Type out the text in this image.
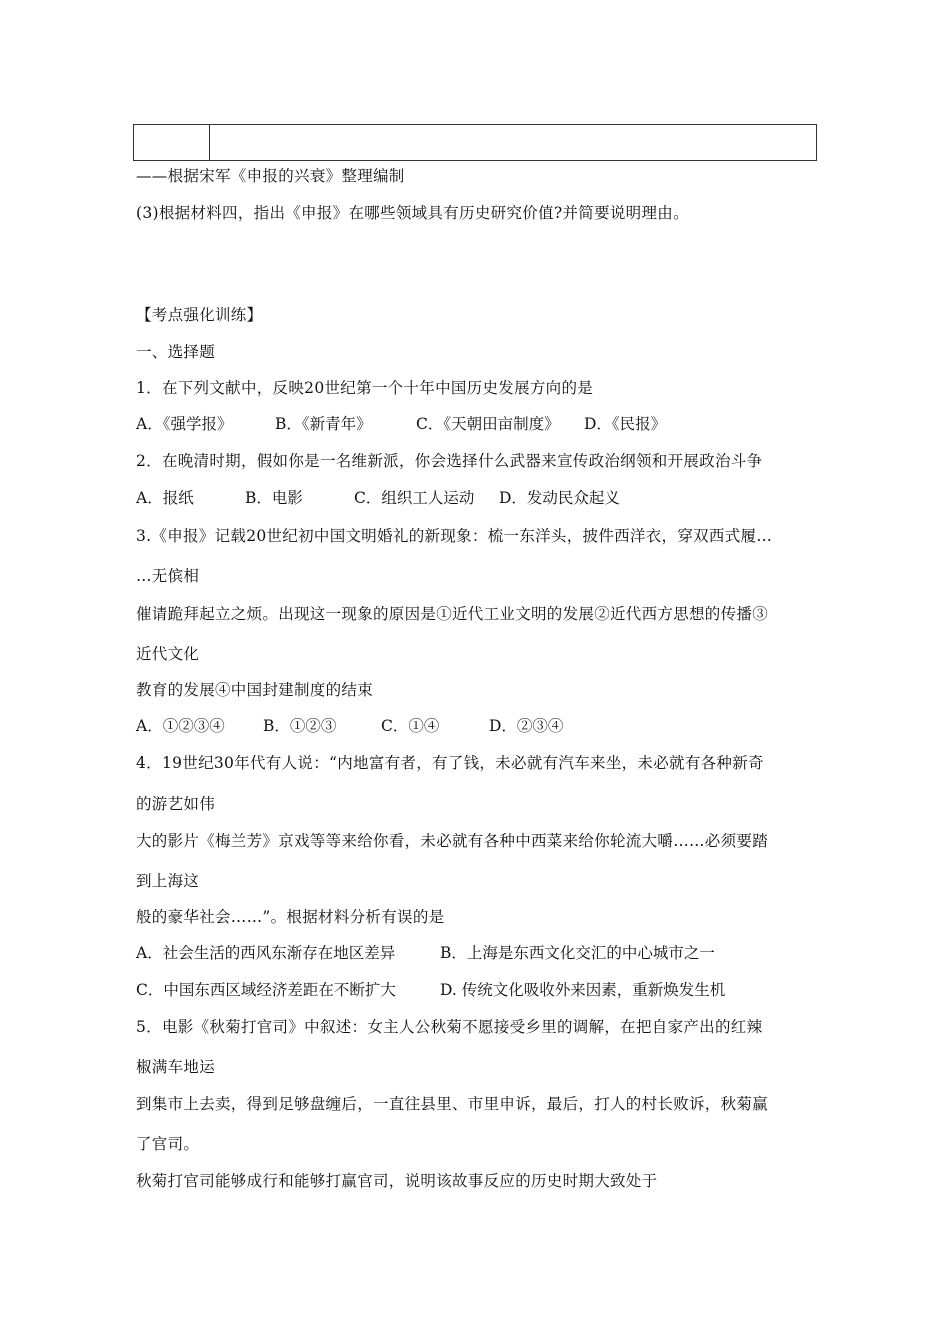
——根据宋军《申报的兴衰》整理编制
(3)根据材料四，指出《申报》在哪些领域具有历史研究价值?并简要说明理由。
【考点强化训练】
一、选择题
1．在下列文献中，反映20世纪第一个十年中国历史发展方向的是
A．《强学报》	B．《新青年》	C．《天朝田亩制度》 D．《民报》
2．在晚清时期，假如你是一名维新派，你会选择什么武器来宣传政治纲领和开展政治斗争
A．报纸	B．电影	C．组织工人运动 D．发动民众起义
3.《申报》记载20世纪初中国文明婚礼的新现象：梳一东洋头，披件西洋衣，穿双西式履…
…无傧相
催请跪拜起立之烦。出现这一现象的原因是①近代工业文明的发展②近代西方思想的传播③
近代文化
教育的发展④中国封建制度的结束
A．①②③④ B．①②③	C．①④	D．②③④
4．19世纪30年代有人说：“内地富有者，有了钱，未必就有汽车来坐，未必就有各种新奇
的游艺如伟
大的影片《梅兰芳》京戏等等来给你看，未必就有各种中西菜来给你轮流大嚼……必须要踏
到上海这
般的豪华社会……”。根据材料分析有误的是
A．社会生活的西风东渐存在地区差异	B．上海是东西文化交汇的中心城市之一
C．中国东西区域经济差距在不断扩大	D. 传统文化吸收外来因素，重新焕发生机
5．电影《秋菊打官司》中叙述：女主人公秋菊不愿接受乡里的调解，在把自家产出的红辣
椒满车地运
到集市上去卖，得到足够盘缠后，一直往县里、市里申诉，最后，打人的村长败诉，秋菊赢
了官司。
秋菊打官司能够成行和能够打赢官司，说明该故事反应的历史时期大致处于
